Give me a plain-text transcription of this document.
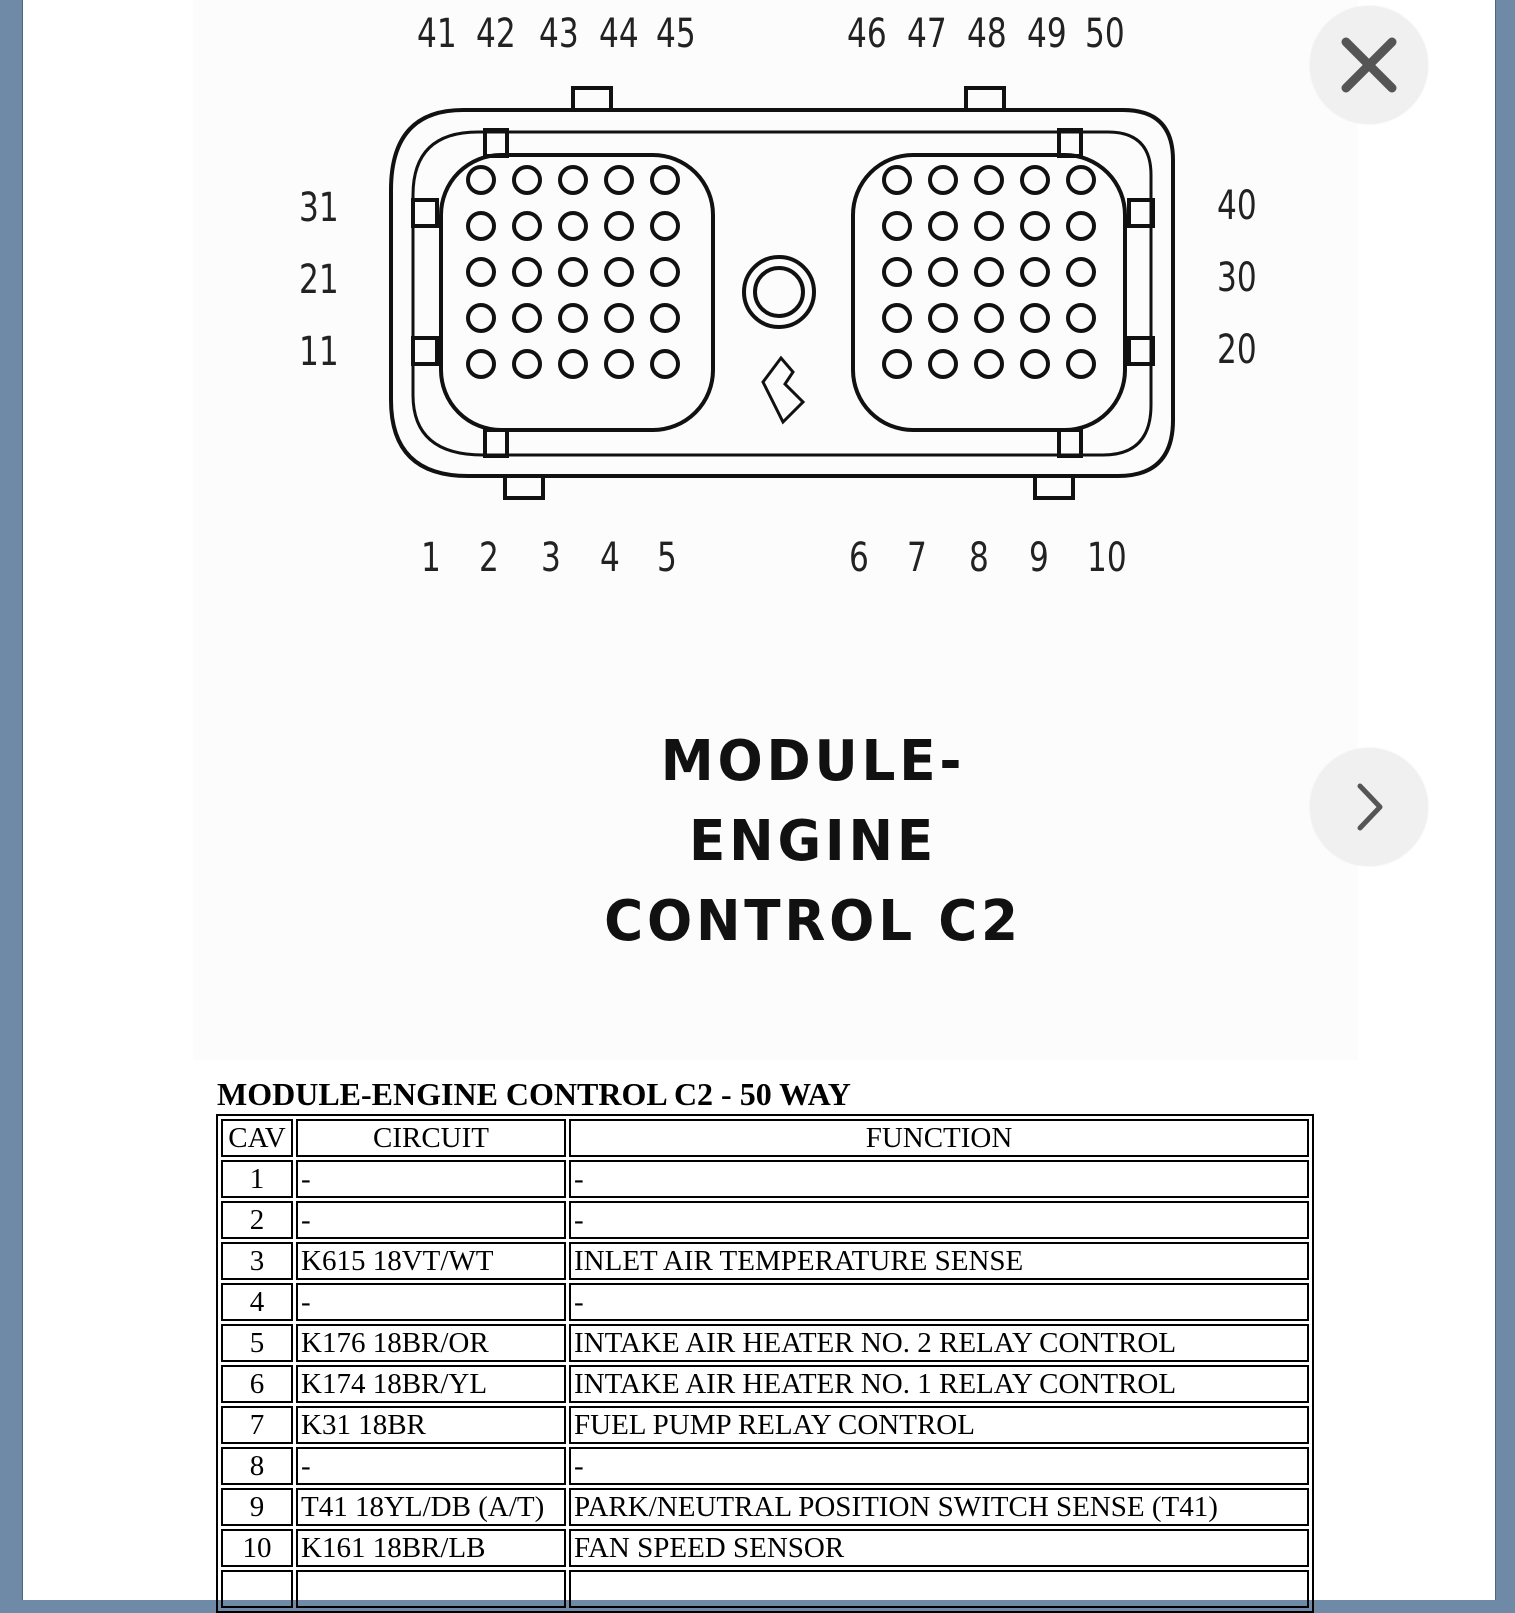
41 42 43 44 45	46 47 48 49 50
1 2 3 4 5	6 7 8 9 10
31
21
11
40
30
20
MODULE-
ENGINE
CONTROL C2
MODULE-ENGINE CONTROL C2 - 50 WAY
CAV	CIRCUIT	FUNCTION
1	-	-
2	-	-
3	K615 18VT/WT	INLET AIR TEMPERATURE SENSE
4	-	-
5	K176 18BR/OR	INTAKE AIR HEATER NO. 2 RELAY CONTROL
6	K174 18BR/YL	INTAKE AIR HEATER NO. 1 RELAY CONTROL
7	K31 18BR	FUEL PUMP RELAY CONTROL
8	-	-
9	T41 18YL/DB (A/T)	PARK/NEUTRAL POSITION SWITCH SENSE (T41)
10	K161 18BR/LB	FAN SPEED SENSOR
